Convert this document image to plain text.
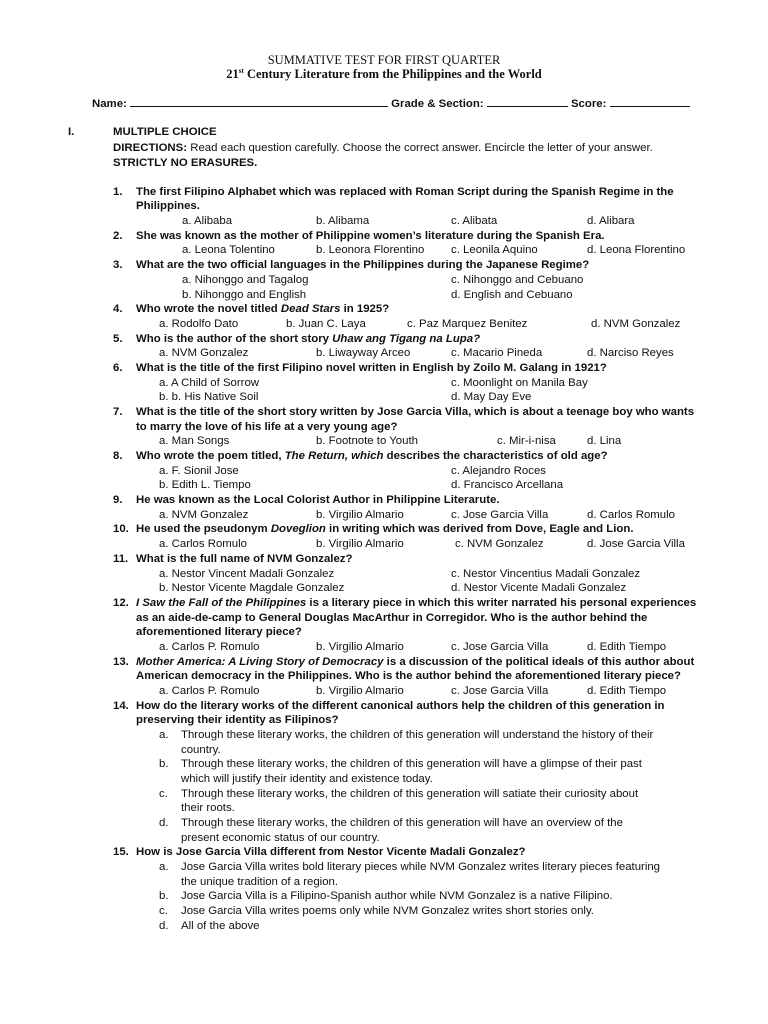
SUMMATIVE TEST FOR FIRST QUARTER
21st Century Literature from the Philippines and the World
Name:	Grade & Section:	Score:
I.	MULTIPLE CHOICE
DIRECTIONS: Read each question carefully. Choose the correct answer. Encircle the letter of your answer.
STRICTLY NO ERASURES.
1. The first Filipino Alphabet which was replaced with Roman Script during the Spanish Regime in the
Philippines.
a. Alibaba	b. Alibama	c. Alibata	d. Alibara
2. She was known as the mother of Philippine women’s literature during the Spanish Era.
a. Leona Tolentino	b. Leonora Florentino c. Leonila Aquino	d. Leona Florentino
3. What are the two official languages in the Philippines during the Japanese Regime?
a. Nihonggo and Tagalog	c. Nihonggo and Cebuano
b. Nihonggo and English	d. English and Cebuano
4. Who wrote the novel titled Dead Stars in 1925?
a. Rodolfo Dato	b. Juan C. Laya	c. Paz Marquez Benitez	d. NVM Gonzalez
5. Who is the author of the short story Uhaw ang Tigang na Lupa?
a. NVM Gonzalez	b. Liwayway Arceo	c. Macario Pineda	d. Narciso Reyes
6. What is the title of the first Filipino novel written in English by Zoilo M. Galang in 1921?
a. A Child of Sorrow	c. Moonlight on Manila Bay
b. b. His Native Soil	d. May Day Eve
7. What is the title of the short story written by Jose Garcia Villa, which is about a teenage boy who wants
to marry the love of his life at a very young age?
a. Man Songs	b. Footnote to Youth	c. Mir-i-nisa	d. Lina
8. Who wrote the poem titled, The Return, which describes the characteristics of old age?
a. F. Sionil Jose	c. Alejandro Roces
b. Edith L. Tiempo	d. Francisco Arcellana
9. He was known as the Local Colorist Author in Philippine Literarute.
a. NVM Gonzalez	b. Virgilio Almario	c. Jose Garcia Villa	d. Carlos Romulo
10. He used the pseudonym Doveglion in writing which was derived from Dove, Eagle and Lion.
a. Carlos Romulo	b. Virgilio Almario	c. NVM Gonzalez	d. Jose Garcia Villa
11. What is the full name of NVM Gonzalez?
a. Nestor Vincent Madali Gonzalez	c. Nestor Vincentius Madali Gonzalez
b. Nestor Vicente Magdale Gonzalez	d. Nestor Vicente Madali Gonzalez
12. I Saw the Fall of the Philippines is a literary piece in which this writer narrated his personal experiences
as an aide-de-camp to General Douglas MacArthur in Corregidor. Who is the author behind the
aforementioned literary piece?
a. Carlos P. Romulo	b. Virgilio Almario	c. Jose Garcia Villa	d. Edith Tiempo
13. Mother America: A Living Story of Democracy is a discussion of the political ideals of this author about
American democracy in the Philippines. Who is the author behind the aforementioned literary piece?
a. Carlos P. Romulo	b. Virgilio Almario	c. Jose Garcia Villa	d. Edith Tiempo
14. How do the literary works of the different canonical authors help the children of this generation in
preserving their identity as Filipinos?
a. Through these literary works, the children of this generation will understand the history of their
country.
b. Through these literary works, the children of this generation will have a glimpse of their past
which will justify their identity and existence today.
c. Through these literary works, the children of this generation will satiate their curiosity about
their roots.
d. Through these literary works, the children of this generation will have an overview of the
present economic status of our country.
15. How is Jose Garcia Villa different from Nestor Vicente Madali Gonzalez?
a. Jose Garcia Villa writes bold literary pieces while NVM Gonzalez writes literary pieces featuring
the unique tradition of a region.
b. Jose Garcia Villa is a Filipino-Spanish author while NVM Gonzalez is a native Filipino.
c. Jose Garcia Villa writes poems only while NVM Gonzalez writes short stories only.
d. All of the above
